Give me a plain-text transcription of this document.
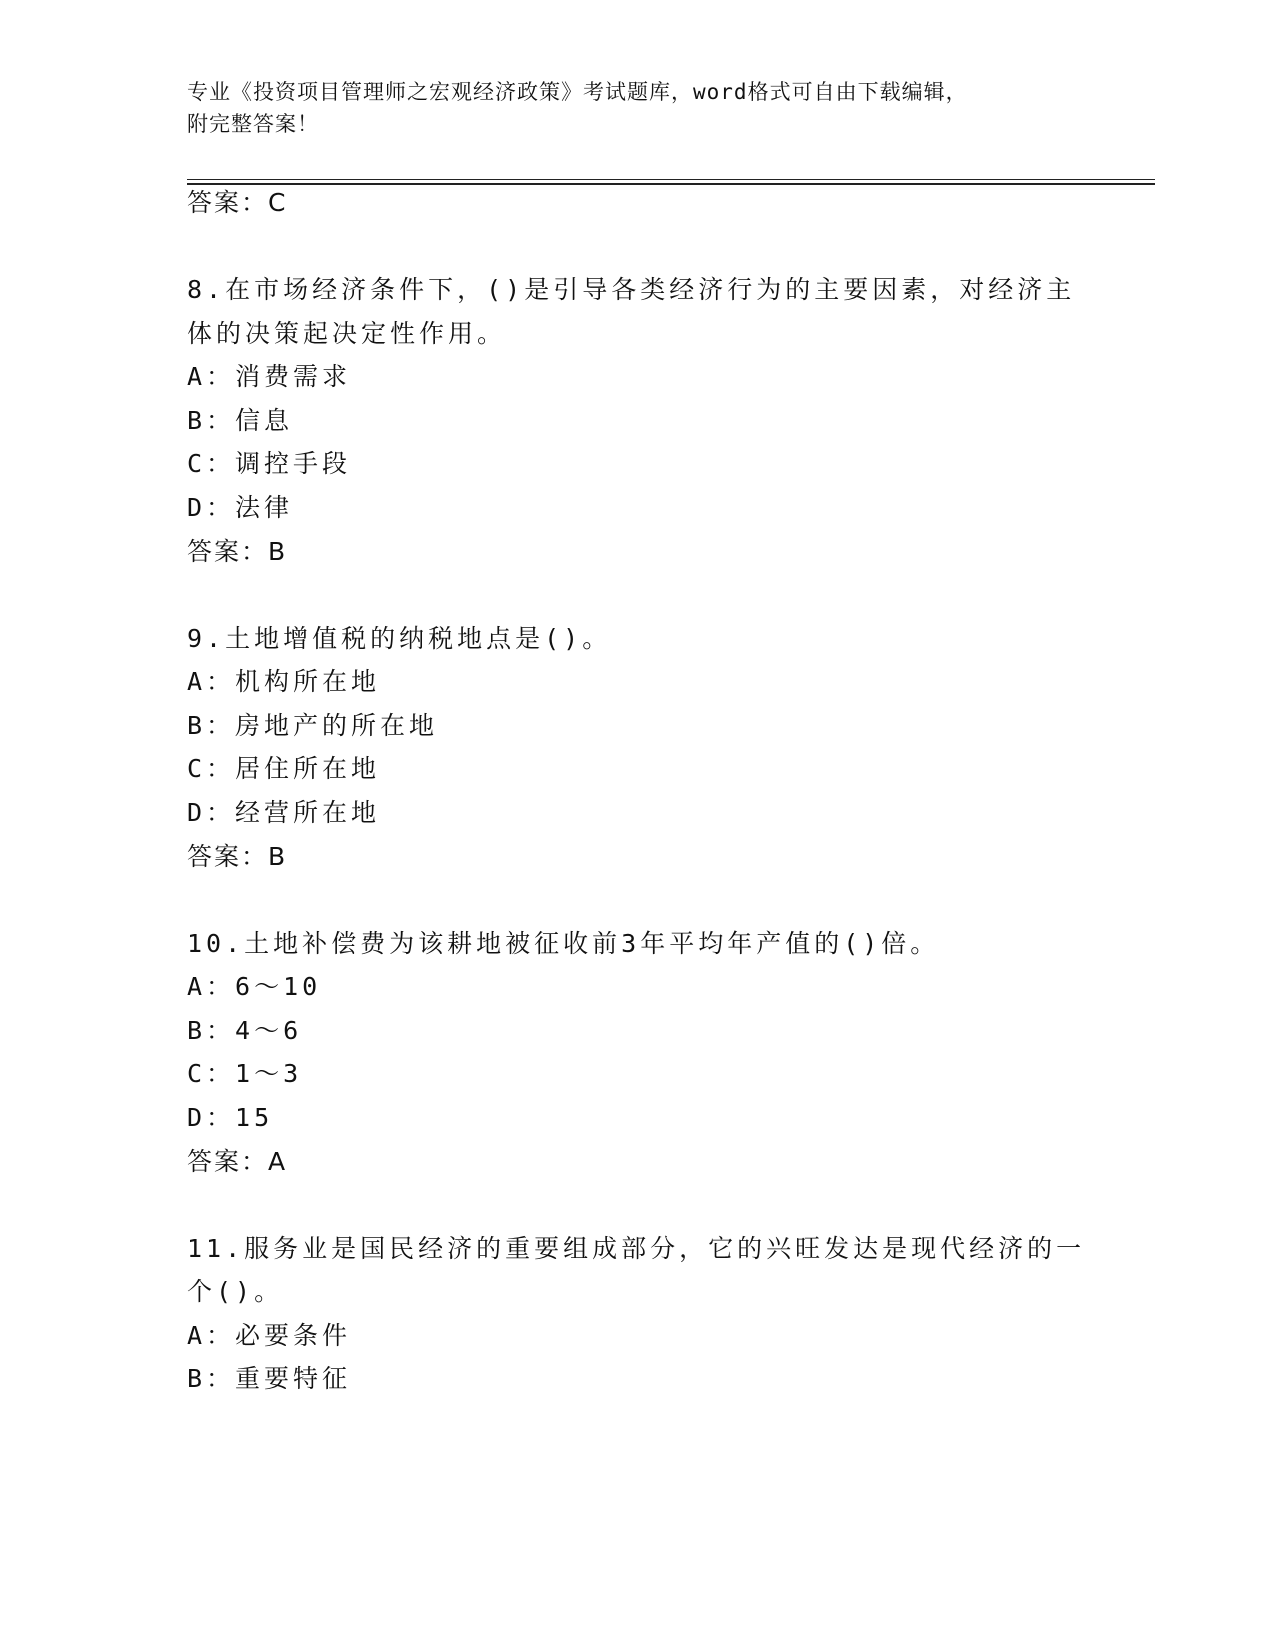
专业《投资项目管理师之宏观经济政策》考试题库，word格式可自由下载编辑，
附完整答案！
答案：C
8.在市场经济条件下，()是引导各类经济行为的主要因素，对经济主
体的决策起决定性作用。
A：消费需求
B：信息
C：调控手段
D：法律
答案：B
9.土地增值税的纳税地点是()。
A：机构所在地
B：房地产的所在地
C：居住所在地
D：经营所在地
答案：B
10.土地补偿费为该耕地被征收前3年平均年产值的()倍。
A：6～10
B：4～6
C：1～3
D：15
答案：A
11.服务业是国民经济的重要组成部分，它的兴旺发达是现代经济的一
个()。
A：必要条件
B：重要特征
